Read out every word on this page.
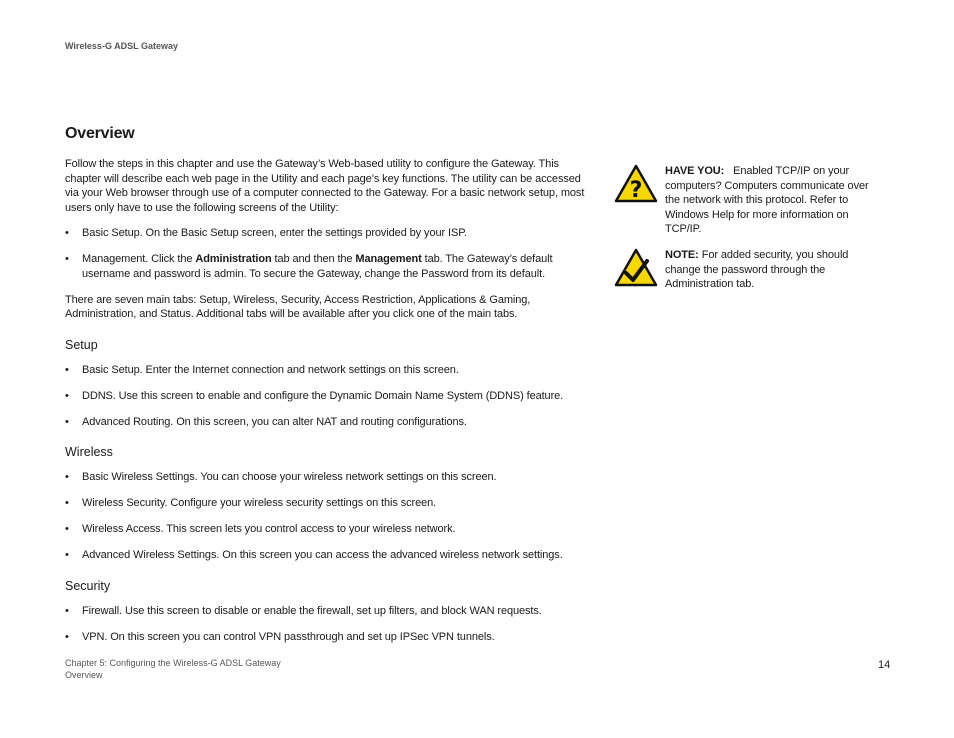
Wireless-G ADSL Gateway
Overview

Follow the steps in this chapter and use the Gateway’s Web-based utility to configure the Gateway. This chapter will describe each web page in the Utility and each page’s key functions. The utility can be accessed via your Web browser through use of a computer connected to the Gateway. For a basic network setup, most users only have to use the following screens of the Utility:

• Basic Setup. On the Basic Setup screen, enter the settings provided by your ISP.
• Management. Click the Administration tab and then the Management tab. The Gateway’s default username and password is admin. To secure the Gateway, change the Password from its default.

There are seven main tabs: Setup, Wireless, Security, Access Restriction, Applications & Gaming, Administration, and Status. Additional tabs will be available after you click one of the main tabs.

Setup
• Basic Setup. Enter the Internet connection and network settings on this screen.
• DDNS. Use this screen to enable and configure the Dynamic Domain Name System (DDNS) feature.
• Advanced Routing. On this screen, you can alter NAT and routing configurations.
Wireless
• Basic Wireless Settings. You can choose your wireless network settings on this screen.
• Wireless Security. Configure your wireless security settings on this screen.
• Wireless Access. This screen lets you control access to your wireless network.
• Advanced Wireless Settings. On this screen you can access the advanced wireless network settings.
Security
• Firewall. Use this screen to disable or enable the firewall, set up filters, and block WAN requests.
• VPN. On this screen you can control VPN passthrough and set up IPSec VPN tunnels.
?
HAVE YOU: Enabled TCP/IP on your computers? Computers communicate over the network with this protocol. Refer to Windows Help for more information on TCP/IP.
NOTE: For added security, you should change the password through the Administration tab.
Chapter 5: Configuring the Wireless-G ADSL Gateway
Overview
14
